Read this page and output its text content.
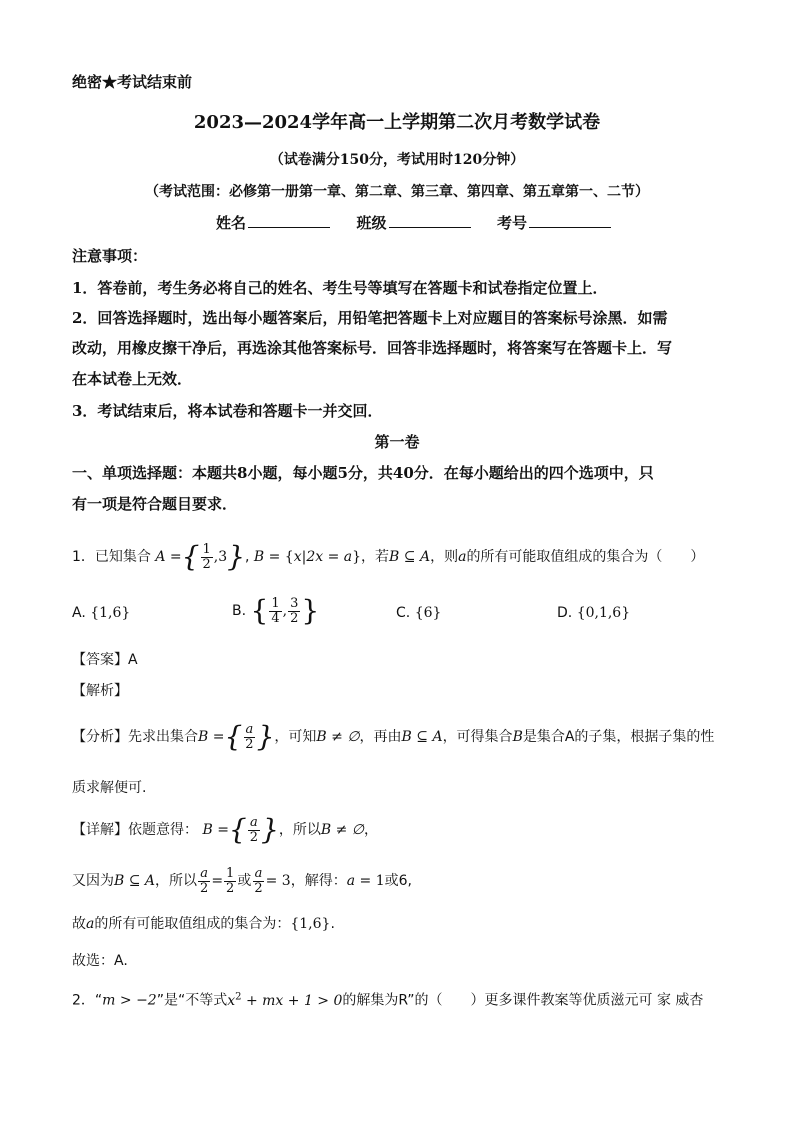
绝密★考试结束前
2023—2024学年高一上学期第二次月考数学试卷
（试卷满分150分，考试用时120分钟）
（考试范围：必修第一册第一章、第二章、第三章、第四章、第五章第一、二节）
姓名	班级	考号
注意事项：
1．答卷前，考生务必将自己的姓名、考生号等填写在答题卡和试卷指定位置上．
2．回答选择题时，选出每小题答案后，用铅笔把答题卡上对应题目的答案标号涂黑．如需
改动，用橡皮擦干净后，再选涂其他答案标号．回答非选择题时，将答案写在答题卡上．写
在本试卷上无效．
3．考试结束后，将本试卷和答题卡一并交回．
第一卷
一、单项选择题：本题共8小题，每小题5分，共40分．在每小题给出的四个选项中，只
有一项是符合题目要求．
1．已知集合 A ={ $\frac{1}{2} ,3$}, B = {x|2x = a}，若B ⊆ A，则a的所有可能取值组成的集合为（　　）
A. {1,6}	B. { $\frac{1}{4}$ , $\frac{3}{2}$ }	C. {6}	D. {0,1,6}
【答案】A
【解析】
【分析】先求出集合B ={ $\frac{a}{2}$ }，可知B ≠ ∅，再由B ⊆ A，可得集合B是集合A的子集，根据子集的性
质求解便可.
【详解】依题意得： B ={ $\frac{a}{2}$ }，所以B ≠ ∅，
又因为B ⊆ A，所以 $\frac{a}{2} = \frac{1}{2}$ 或 $\frac{a}{2} = 3$，解得：a = 1或6,
故a的所有可能取值组成的集合为：{1,6}.
故选：A.
2．“m > −2”是“不等式$x^2$ + mx + 1 > 0的解集为R”的（　　）更多课件教案等优质滋元可 家 威杏
